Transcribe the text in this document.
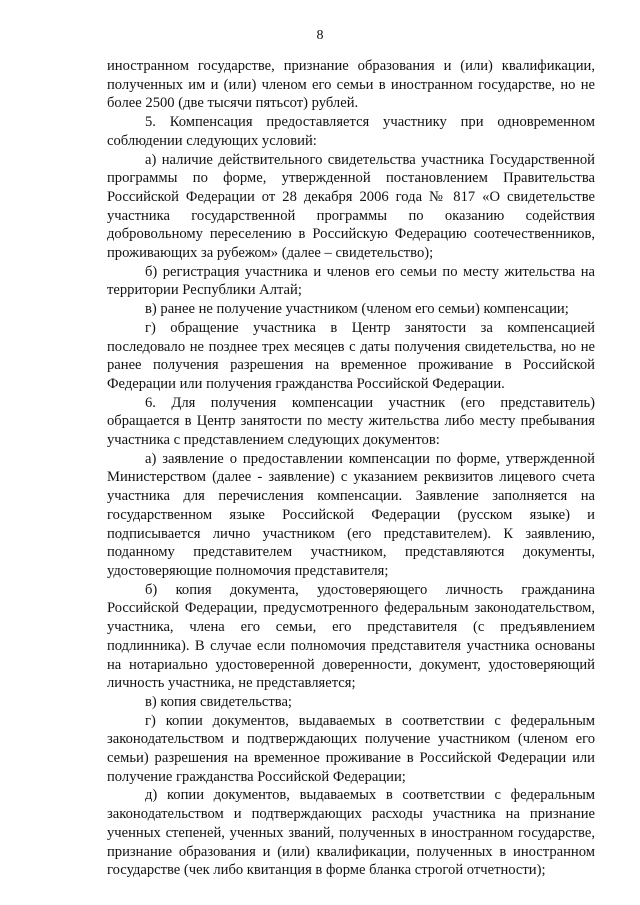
8

иностранном государстве, признание образования и (или) квалификации, полученных им и (или) членом его семьи в иностранном государстве, но не более 2500 (две тысячи пятьсот) рублей.

5. Компенсация предоставляется участнику при одновременном соблюдении следующих условий:

а) наличие действительного свидетельства участника Государственной программы по форме, утвержденной постановлением Правительства Российской Федерации от 28 декабря 2006 года № 817 «О свидетельстве участника государственной программы по оказанию содействия добровольному переселению в Российскую Федерацию соотечественников, проживающих за рубежом» (далее – свидетельство);

б) регистрация участника и членов его семьи по месту жительства на территории Республики Алтай;

в) ранее не получение участником (членом его семьи) компенсации;

г) обращение участника в Центр занятости за компенсацией последовало не позднее трех месяцев с даты получения свидетельства, но не ранее получения разрешения на временное проживание в Российской Федерации или получения гражданства Российской Федерации.

6. Для получения компенсации участник (его представитель) обращается в Центр занятости по месту жительства либо месту пребывания участника с представлением следующих документов:

а) заявление о предоставлении компенсации по форме, утвержденной Министерством (далее - заявление) с указанием реквизитов лицевого счета участника для перечисления компенсации. Заявление заполняется на государственном языке Российской Федерации (русском языке) и подписывается лично участником (его представителем). К заявлению, поданному представителем участником, представляются документы, удостоверяющие полномочия представителя;

б) копия документа, удостоверяющего личность гражданина Российской Федерации, предусмотренного федеральным законодательством, участника, члена его семьи, его представителя (с предъявлением подлинника). В случае если полномочия представителя участника основаны на нотариально удостоверенной доверенности, документ, удостоверяющий личность участника, не представляется;

в) копия свидетельства;

г) копии документов, выдаваемых в соответствии с федеральным законодательством и подтверждающих получение участником (членом его семьи) разрешения на временное проживание в Российской Федерации или получение гражданства Российской Федерации;

д) копии документов, выдаваемых в соответствии с федеральным законодательством и подтверждающих расходы участника на признание ученных степеней, ученных званий, полученных в иностранном государстве, признание образования и (или) квалификации, полученных в иностранном государстве (чек либо квитанция в форме бланка строгой отчетности);
